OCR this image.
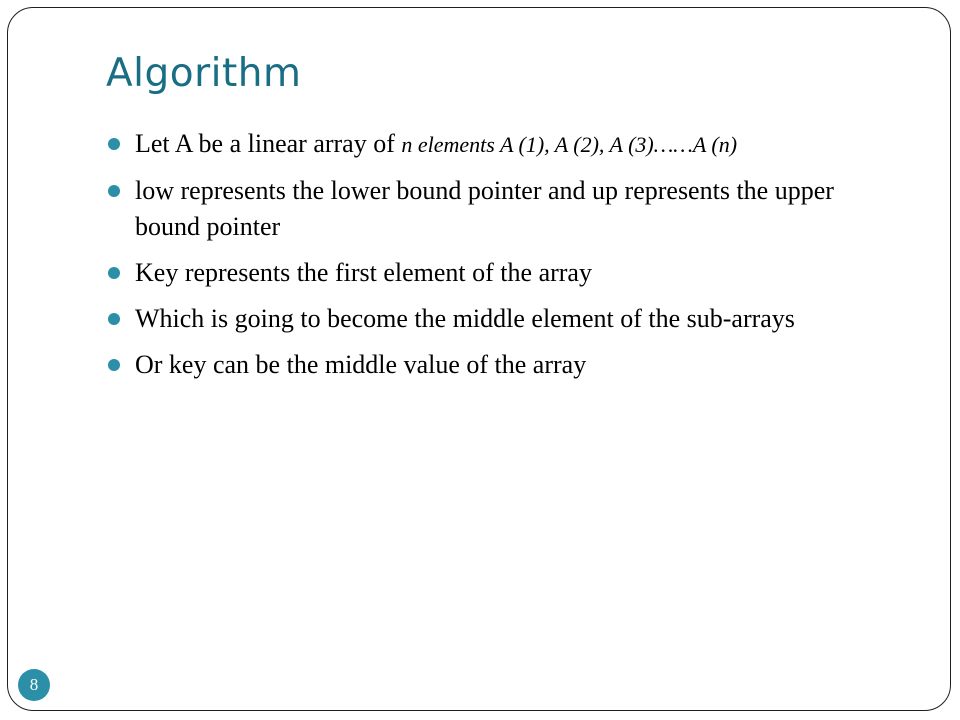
Algorithm
Let A be a linear array of n elements A (1), A (2), A (3)……A (n)
low represents the lower bound pointer and up represents the upper bound pointer
Key represents the first element of the array
Which is going to become the middle element of the sub-arrays
Or key can be the middle value of the array
8
